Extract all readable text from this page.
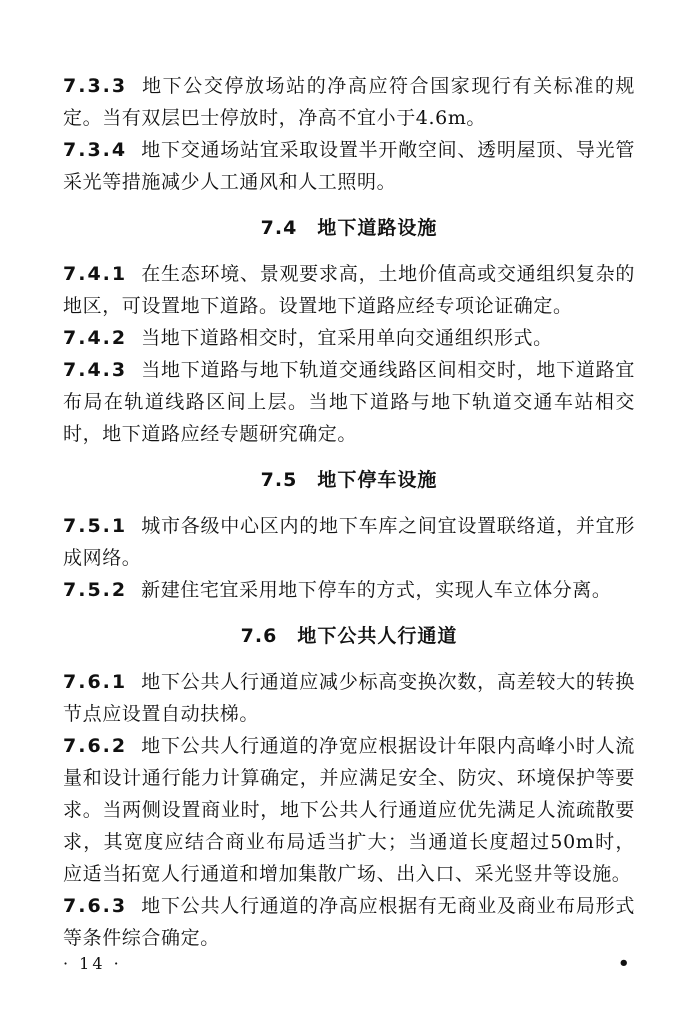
7.3.3 地下公交停放场站的净高应符合国家现行有关标准的规定。当有双层巴士停放时，净高不宜小于4.6m。

7.3.4 地下交通场站宜采取设置半开敞空间、透明屋顶、导光管采光等措施减少人工通风和人工照明。

7.4 地下道路设施

7.4.1 在生态环境、景观要求高，土地价值高或交通组织复杂的地区，可设置地下道路。设置地下道路应经专项论证确定。

7.4.2 当地下道路相交时，宜采用单向交通组织形式。

7.4.3 当地下道路与地下轨道交通线路区间相交时，地下道路宜布局在轨道线路区间上层。当地下道路与地下轨道交通车站相交时，地下道路应经专题研究确定。

7.5 地下停车设施

7.5.1 城市各级中心区内的地下车库之间宜设置联络道，并宜形成网络。

7.5.2 新建住宅宜采用地下停车的方式，实现人车立体分离。

7.6 地下公共人行通道

7.6.1 地下公共人行通道应减少标高变换次数，高差较大的转换节点应设置自动扶梯。

7.6.2 地下公共人行通道的净宽应根据设计年限内高峰小时人流量和设计通行能力计算确定，并应满足安全、防灾、环境保护等要求。当两侧设置商业时，地下公共人行通道应优先满足人流疏散要求，其宽度应结合商业布局适当扩大；当通道长度超过50m时，应适当拓宽人行通道和增加集散广场、出入口、采光竖井等设施。

7.6.3 地下公共人行通道的净高应根据有无商业及商业布局形式等条件综合确定。

· 14 ·	•
